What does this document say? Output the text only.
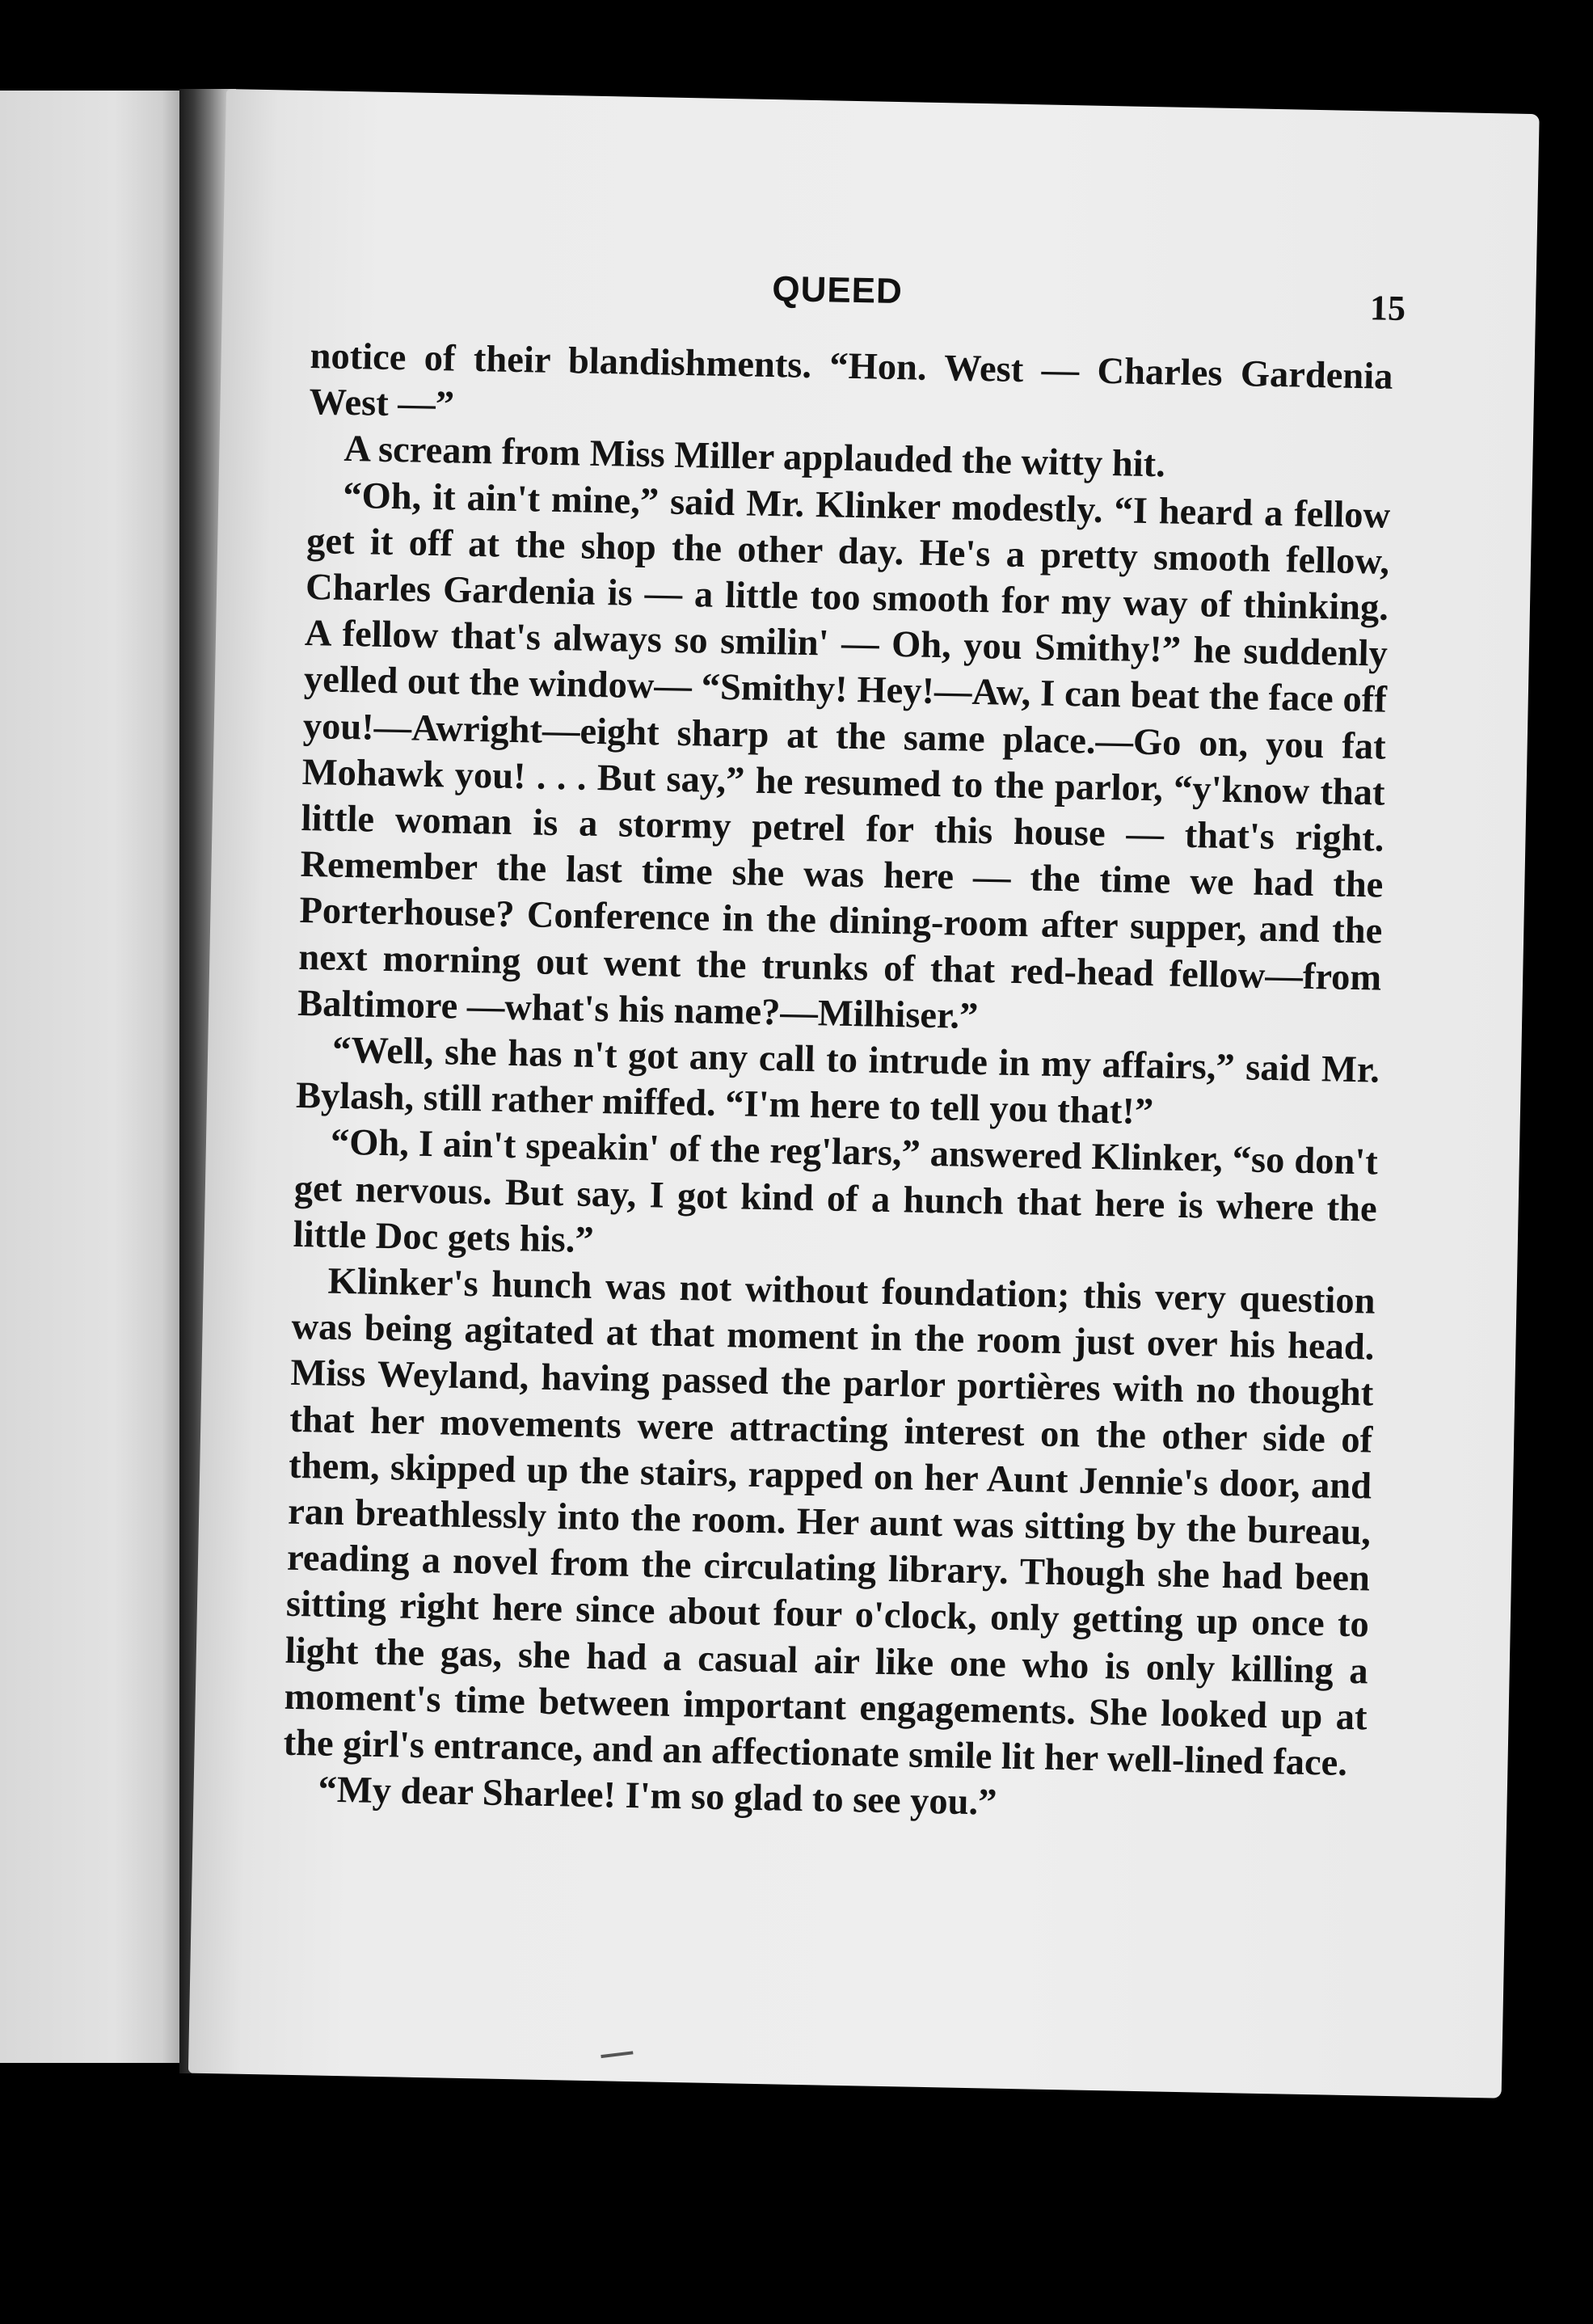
QUEED	15

notice of their blandishments. “Hon. West — Charles Gardenia West —”

A scream from Miss Miller applauded the witty hit.

“Oh, it ain't mine,” said Mr. Klinker modestly. “I heard a fellow get it off at the shop the other day. He's a pretty smooth fellow, Charles Gardenia is — a little too smooth for my way of thinking. A fellow that's always so smilin' — Oh, you Smithy!” he suddenly yelled out the window— “Smithy! Hey!—Aw, I can beat the face off you!—Awright—eight sharp at the same place.—Go on, you fat Mohawk you! . . . But say,” he resumed to the parlor, “y'know that little woman is a stormy petrel for this house — that's right. Remember the last time she was here — the time we had the Porterhouse? Conference in the dining-room after supper, and the next morning out went the trunks of that red-head fellow—from Baltimore —what's his name?—Milhiser.”

“Well, she has n't got any call to intrude in my affairs,” said Mr. Bylash, still rather miffed. “I'm here to tell you that!”

“Oh, I ain't speakin' of the reg'lars,” answered Klinker, “so don't get nervous. But say, I got kind of a hunch that here is where the little Doc gets his.”

Klinker's hunch was not without foundation; this very question was being agitated at that moment in the room just over his head. Miss Weyland, having passed the parlor portières with no thought that her movements were attracting interest on the other side of them, skipped up the stairs, rapped on her Aunt Jennie's door, and ran breathlessly into the room. Her aunt was sitting by the bureau, reading a novel from the circulating library. Though she had been sitting right here since about four o'clock, only getting up once to light the gas, she had a casual air like one who is only killing a moment's time between important engagements. She looked up at the girl's entrance, and an affectionate smile lit her well-lined face.

“My dear Sharlee! I'm so glad to see you.”
